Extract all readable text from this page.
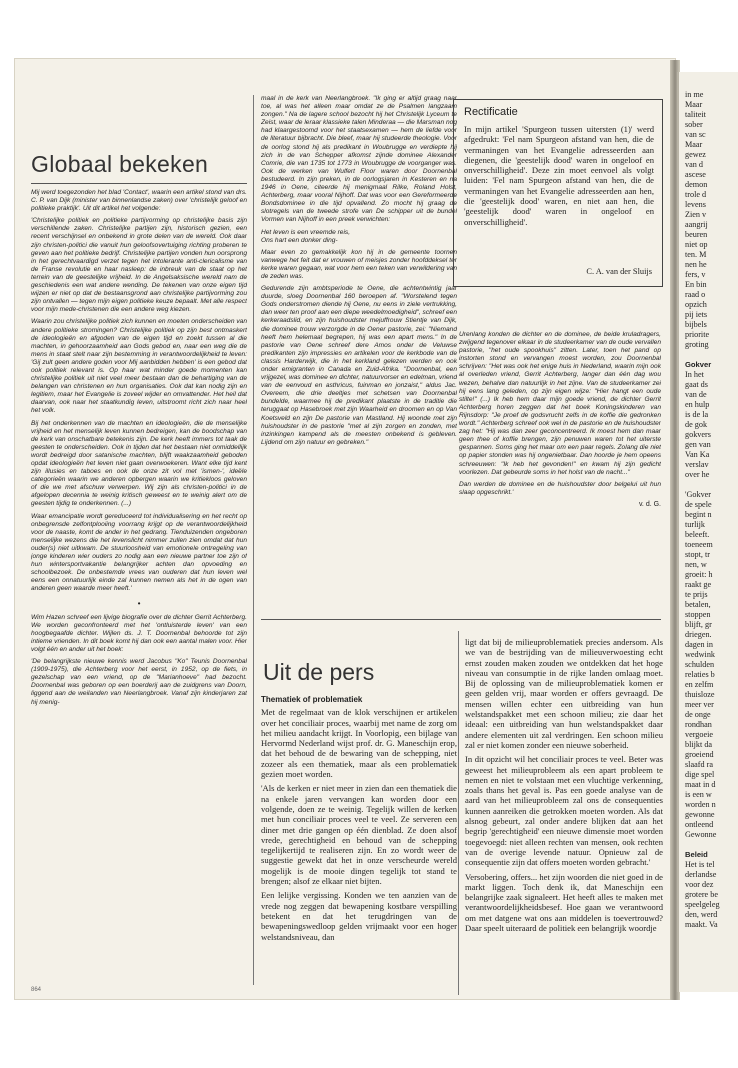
Globaal bekeken

Mij werd toegezonden het blad 'Contact', waarin een artikel stond van drs. C. P. van Dijk (minister van binnenlandse zaken) over 'christelijk geloof en politieke praktijk'. Uit dit artikel het volgende:

'Christelijke politiek en politieke partijvorming op christelijke basis zijn verschillende zaken. Christelijke partijen zijn, historisch gezien, een recent verschijnsel en onbekend in grote delen van de wereld. Ook daar zijn christen-politici die vanuit hun geloofsovertuiging richting proberen te geven aan het politieke bedrijf. Christelijke partijen vonden hun oorsprong in het gerechtvaardigd verzet tegen het intolerante anti-clericalisme van de Franse revolutie en haar nasleep: de inbreuk van de staat op het terrein van de geestelijke vrijheid. In de Angelsaksische wereld nam de geschiedenis een wat andere wending. De tekenen van onze eigen tijd wijzen er niet op dat de bestaansgrond aan christelijke partijvorming zou zijn ontvallen — tegen mijn eigen politieke keuze bepaalt. Met alle respect voor mijn mede-christenen die een andere weg kiezen.

Waarin zou christelijke politiek zich kunnen en moeten onderscheiden van andere politieke stromingen? Christelijke politiek op zijn best ontmaskert de ideologieën en afgoden van de eigen tijd en zoekt tussen al die machten, in gehoorzaamheid aan Gods gebod en, naar een weg die de mens in staat stelt naar zijn bestemming in verantwoordelijkheid te leven: 'Gij zult geen andere goden voor Mij aanbidden hebben' is een gebod dat ook politiek relevant is. Op haar wat minder goede momenten kan christelijke politiek uit niet veel meer bestaan dan de behartiging van de belangen van christenen en hun organisaties. Ook dat kan nodig zijn en legitiem, maar het Evangelie is zoveel wijder en omvattender. Het heil dat daarvan, ook naar het staatkundig leven, uitstroomt richt zich naar heel het volk.

Bij het onderkennen van de machten en ideologieën, die de menselijke vrijheid en het menselijk leven kunnen bedreigen, kan de boodschap van de kerk van onschatbare betekenis zijn. De kerk heeft immers tot taak de geesten te onderscheiden. Ook in tijden dat het bestaan niet onmiddellijk wordt bedreigd door satanische machten, blijft waakzaamheid geboden opdat ideologieën het leven niet gaan overwoekeren. Want elke tijd kent zijn illusies en taboes en ook de onze zit vol met 'ismen-', ideële categorieën waarin we anderen opbergen waarin we kritiekloos geloven of die we met afschuw verwerpen. Wij zijn als christen-politici in de afgelopen decennia te weinig kritisch geweest en te weinig alert om de geesten tijdig te onderkennen. (...)

Waar emancipatie wordt gereduceerd tot individualisering en het recht op onbegrensde zelfontplooiing voorrang krijgt op de verantwoordelijkheid voor de naaste, komt de ander in het gedrang. Tienduizenden ongeboren menselijke wezens die het levenslicht nimmer zullen zien omdat dat hun ouder(s) niet uitkwam. De stuurloosheid van emotionele ontregeling van jonge kinderen wier ouders zo nodig aan een nieuwe partner toe zijn of hun wintersportvakantie belangrijker achten dan opvoeding en schoolbezoek. De onbestemde vrees van ouderen dat hun leven wel eens een onnatuurlijk einde zal kunnen nemen als het in de ogen van anderen geen waarde meer heeft.'

•

Wim Hazen schreef een lijvige biografie over de dichter Gerrit Achterberg. We worden geconfronteerd met het 'ontluisterde leven' van een hoogbegaafde dichter. Wijlen ds. J. T. Doornenbal behoorde tot zijn intieme vrienden. In dit boek komt hij dan ook een aantal malen voor. Hier volgt één en ander uit het boek:

'De belangrijkste nieuwe kennis werd Jacobus "Ko" Teunis Doornenbal (1909-1975), die Achterberg voor het eerst, in 1952, op de fiets, in gezelschap van een vriend, op de "Marianhoeve" had bezocht. Doornenbal was geboren op een boerderij aan de zuidgrens van Doorn, liggend aan de weilanden van Neerlangbroek. Vanaf zijn kinderjaren zat hij menig-

maal in de kerk van Neerlangbroek. "Ik ging er altijd graag naar toe, al was het alleen maar omdat ze de Psalmen langzaam zongen." Na de lagere school bezocht hij het Christelijk Lyceum te Zeist, waar de leraar klassieke talen Minderaa — die Marsman nog had klaargestoomd voor het staatsexamen — hem de liefde voor de literatuur bijbracht. Die bleef, maar hij studeerde theologie. Voor de oorlog stond hij als predikant in Woubrugge en verdiepte hij zich in de van Schepper afkomst zijnde dominee Alexander Comrie, die van 1735 tot 1773 in Woubrugge de voorganger was. Ook de werken van Wulfert Floor waren door Doornenbal bestudeerd. In zijn preken, in de oorlogsjaren in Kesteren en na 1946 in Oene, citeerde hij menigmaal Rilke, Roland Holst, Achterberg, maar vooral Nijhoff. Dat was voor een Gereformeerde Bondsdominee in die tijd opvallend. Zo mocht hij graag de slotregels van de tweede strofe van De schipper uit de bundel Vormen van Nijhoff in een preek verwichten:

Het leven is een vreemde reis,

Ons hart een donker ding-

Maar even zo gemakkelijk kon hij in de gemeente toornen vanwege het feit dat er vrouwen of meisjes zonder hoofddeksel ter kerke waren gegaan, wat voor hem een teken van verwildering van de zeden was.

Gedurende zijn ambtsperiode te Oene, die achtentwintig jaar duurde, sloeg Doornenbal 160 beroepen af. "Worstelend tegen Gods onderstromen diende hij Oene, nu eens in ziele vertrukking, dan weer ten proof aan een diepe weedelmoedigheid", schreef een kerkeraadslid, en zijn huishoudster mejuffrouw Stientje van Dijk, die dominee trouw verzorgde in de Oener pastorie, zei: "Niemand heeft hem helemaal begrepen, hij was een apart mens." In de pastorie van Oene schreef dere Amos onder de Veluwse predikanten zijn impressies en artikelen voor de kerkbode van de classis Harderwijk, die in het kerkland gelezen werden en ook onder emigranten in Canada en Zuid-Afrika. "Doornenbal, een vrijgezel, was dominee en dichter, natuurvorser en edelman, vriend van de eenvoud en asthricus, fuinman en jonzaist," aldus Jac. Overeem, die drie deeltjes met schetsen van Doornenbal bundelde, waarmee hij de predikant plaatste in de traditie die teruggaat op Hasebroek met zijn Waarheid en droomen en op Van Koetsveld en zijn De pastorie van Mastland. Hij woonde met zijn huishoudster in de pastorie "met al zijn zorgen en zonden, met inzinkingen kampend als de meesten onbekend is gebleven. Lijdend om zijn natuur en gebreken."

Rectificatie

In mijn artikel 'Spurgeon tussen uitersten (1)' werd afgedrukt: 'Fel nam Spurgeon afstand van hen, die de vermaningen van het Evangelie adresseerden aan diegenen, die 'geestelijk dood' waren in ongeloof en onverschilligheid'. Deze zin moet eenvoel als volgt luiden: 'Fel nam Spurgeon afstand van hen, die de vermaningen van het Evangelie adresseerden aan hen, die 'geestelijk dood' waren, en niet aan hen, die 'geestelijk dood' waren in ongeloof en onverschilligheid'.

C. A. van der Sluijs

Urenlang konden de dichter en de dominee, de beide kruladragers, zwijgend tegenover elkaar in de studeerkamer van de oude vervallen pastorie, "het oude spookhuis" zitten. Later, toen het pand op instorten stond en vervangen moest worden, zou Doornenbal schrijven: "Het was ook het enige huis in Nederland, waarin mijn ook al overleden vriend, Gerrit Achterberg, langer dan één dag wou wezen, behalve dan natuurlijk in het zijne. Van de studeerkamer zei hij eens lang geleden, op zijn eigen wijze: "Hier hangt een oude stilte!" (...) Ik heb hem daar mijn goede vriend, de dichter Gerrit Achterberg horen zeggen dat het boek Koningskinderen van Rijnsdorp: "Je proef de godsvrucht zelfs in de koffie die gedronken wordt." Achterberg schreef ook wel in de pastorie en de huishoudster zag het: "Hij was dan zeer geconcentreerd. Ik moest hem dan maar geen thee of koffie brengen, zijn penuwen waren tot het uiterste gespannen. Soms ging het maar om een paar regels. Zolang die niet op papier stonden was hij ongenietbaar. Dan hoorde je hem opeens schreeuwen: "Ik heb het gevonden!" en kwam hij zijn gedicht voorlezen. Dat gebeurde soms in het holst van de nacht..."

Dan werden de dominee en de huishoudster door belgelui uit hun slaap opgeschrikt.'

v. d. G.
Uit de pers
Thematiek of problematiek

Met de regelmaat van de klok verschijnen er artikelen over het conciliair proces, waarbij met name de zorg om het milieu aandacht krijgt. In Voorlopig, een bijlage van Hervormd Nederland wijst prof. dr. G. Maneschijn erop, dat het behoud de de bewaring van de schepping, niet zozeer als een thematiek, maar als een problematiek gezien moet worden.

'Als de kerken er niet meer in zien dan een thematiek die na enkele jaren vervangen kan worden door een volgende, doen ze te weinig. Tegelijk willen de kerken met hun conciliair proces veel te veel. Ze serveren een diner met drie gangen op één dienblad. Ze doen alsof vrede, gerechtigheid en behoud van de schepping tegelijkertijd te realiseren zijn. En zo wordt weer de suggestie gewekt dat het in onze verscheurde wereld mogelijk is de mooie dingen tegelijk tot stand te brengen; alsof ze elkaar niet bijten.

Een lelijke vergissing. Konden we ten aanzien van de vrede nog zeggen dat bewapening kostbare verspilling betekent en dat het terugdringen van de bewapeningswedloop gelden vrijmaakt voor een hoger welstandsniveau, dan

ligt dat bij de milieuproblematiek precies andersom. Als we van de bestrijding van de milieuverwoesting echt ernst zouden maken zouden we ontdekken dat het hoge niveau van consumptie in de rijke landen omlaag moet. Bij de oplossing van de milieuproblematiek komen er geen gelden vrij, maar worden er offers gevraagd. De mensen willen echter een uitbreiding van hun welstandspakket met een schoon milieu; zie daar het ideaal: een uitbreiding van hun welstandspakket daar andere elementen uit zal verdringen. Een schoon milieu zal er niet komen zonder een nieuwe soberheid.

In dit opzicht wil het conciliair proces te veel. Beter was geweest het milieuprobleem als een apart probleem te nemen en niet te volstaan met een vluchtige verkenning, zoals thans het geval is. Pas een goede analyse van de aard van het milieuprobleem zal ons de consequenties kunnen aanreiken die getrokken moeten worden. Als dat alsnog gebeurt, zal onder andere blijken dat aan het begrip 'gerechtigheid' een nieuwe dimensie moet worden toegevoegd: niet alleen rechten van mensen, ook rechten van de overige levende natuur. Opnieuw zal de consequentie zijn dat offers moeten worden gebracht.'

Versobering, offers... het zijn woorden die niet goed in de markt liggen. Toch denk ik, dat Maneschijn een belangrijke zaak signaleert. Het heeft alles te maken met verantwoordelijkheidsbesef. Hoe gaan we verantwoord om met datgene wat ons aan middelen is toevertrouwd? Daar speelt uiteraard de politiek een belangrijk woordje

864
in me
Maar
taliteit
sober
van sc
Maar
gewez
van d
ascese
demon
trole d
levens
Zien v
aangrij
beuren
niet op
ten. M
nen he
fers, v
En bin
raad o
opzich
pij iets
bijbels
priorite
groting
Gokver
In het
gaat ds
van de
en hulp
is de la
de gok
gokvers
gen van
Van Ka
verslav
over he
'Gokver
de spele
begint n
turlijk
beleeft.
toeneem
stopt, tr
nen, w
groeit: h
raakt ge
te prijs
betalen,
stoppen
blijft, gr
driegen.
dagen in
wedwink
schulden
relaties b
en zelfm
thuisloze
meer ver
de onge
rondhan
vergoeie
blijkt da
groeiend
slaafd ra
dige spel
maat in d
is een w
worden n
gewonne
ontleend
Gewonne
Beleid
Het is tel
derlandse
voor dez
grotere be
speelgeleg
den, werd
maakt. Va
